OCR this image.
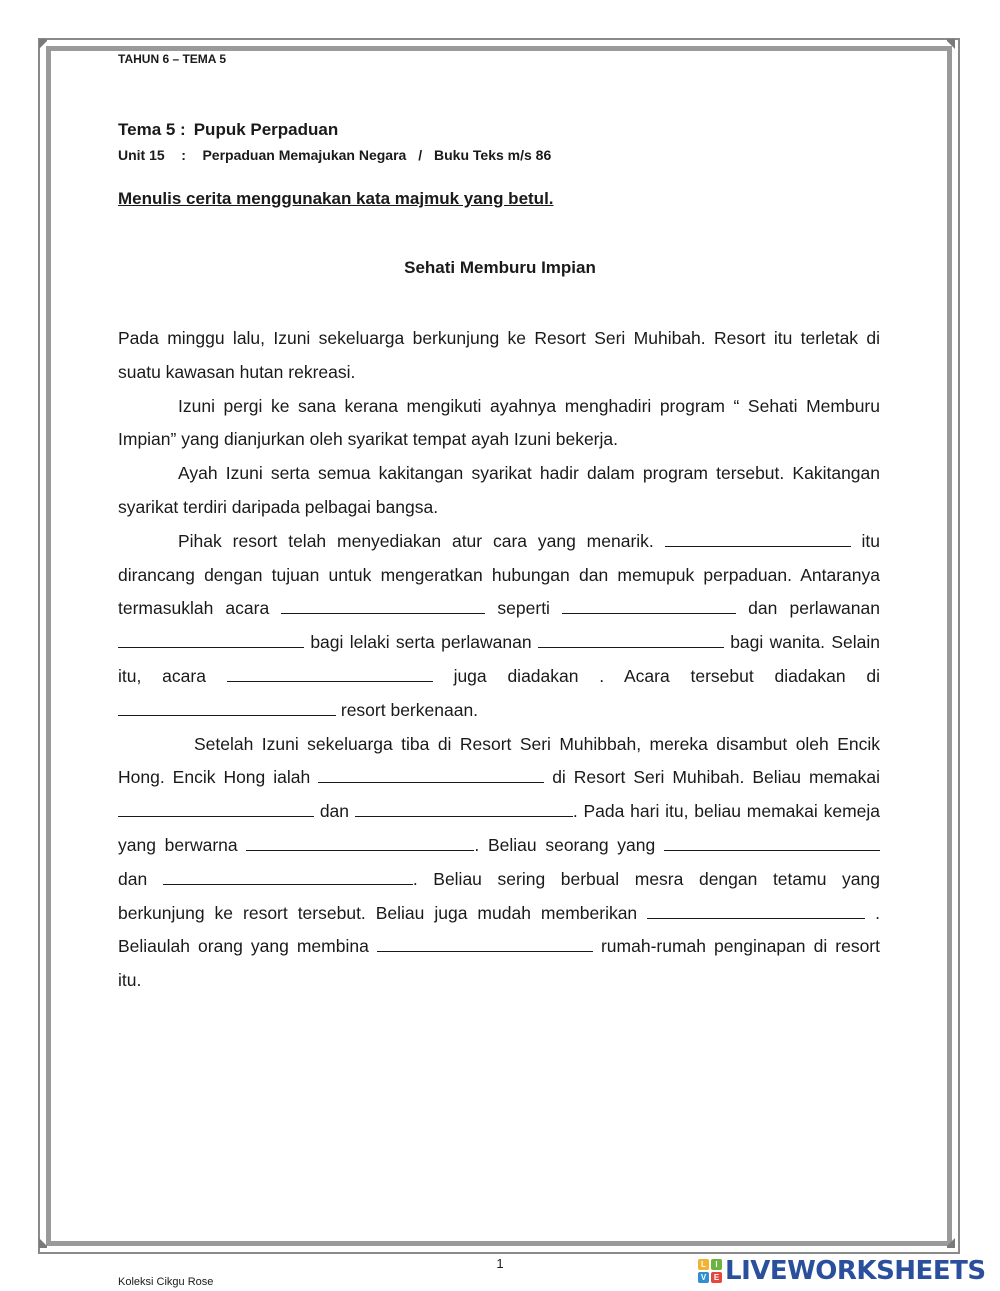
TAHUN 6 – TEMA 5
Tema 5 : Pupuk Perpaduan
Unit 15 : Perpaduan Memajukan Negara / Buku Teks m/s 86
Menulis cerita menggunakan kata majmuk yang betul.
Sehati Memburu Impian

Pada minggu lalu, Izuni sekeluarga berkunjung ke Resort Seri Muhibah. Resort itu terletak di suatu kawasan hutan rekreasi.

Izuni pergi ke sana kerana mengikuti ayahnya menghadiri program “ Sehati Memburu Impian” yang dianjurkan oleh syarikat tempat ayah Izuni bekerja.

Ayah Izuni serta semua kakitangan syarikat hadir dalam program tersebut. Kakitangan syarikat terdiri daripada pelbagai bangsa.

Pihak resort telah menyediakan atur cara yang menarik.	itu dirancang dengan tujuan untuk mengeratkan hubungan dan memupuk perpaduan. Antaranya termasuklah acara	seperti	dan perlawanan  bagi lelaki serta perlawanan	bagi wanita. Selain itu, acara	juga diadakan . Acara tersebut diadakan di  resort berkenaan.

Setelah Izuni sekeluarga tiba di Resort Seri Muhibbah, mereka disambut oleh Encik Hong. Encik Hong ialah	di Resort Seri Muhibah. Beliau memakai  dan	. Pada hari itu, beliau memakai kemeja yang berwarna	. Beliau seorang yang  dan	. Beliau sering berbual mesra dengan tetamu yang berkunjung ke resort tersebut. Beliau juga mudah memberikan	. Beliaulah orang yang membina	rumah-rumah penginapan di resort itu.

1
Koleksi Cikgu Rose
L	I
V E LIVEWORKSHEETS
